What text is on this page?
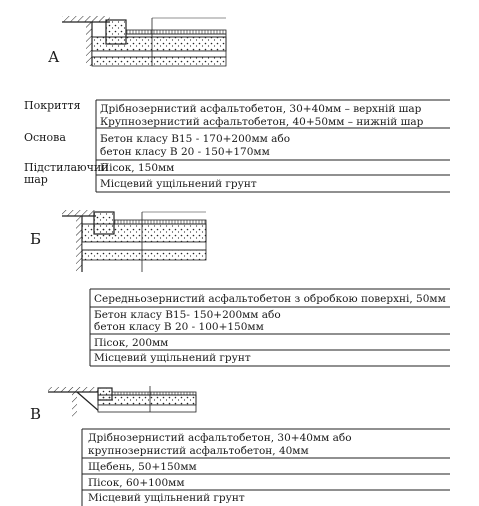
А
Покриття
Основа
Підстилаючий
шар
Дрібнозернистий асфальтобетон, 30+40мм – верхній шар
Крупнозернистий асфальтобетон, 40+50мм – нижній шар
Бетон класу В15 - 170+200мм або
бетон класу В 20 - 150+170мм
Пісок, 150мм
Місцевий ущільнений грунт
Б
Середньозернистий асфальтобетон з обробкою поверхні, 50мм
Бетон класу В15- 150+200мм або
бетон класу В 20 - 100+150мм
Пісок, 200мм
Місцевий ущільнений грунт
В
Дрібнозернистий асфальтобетон, 30+40мм або
крупнозернистий асфальтобетон, 40мм
Щебень, 50+150мм
Пісок, 60+100мм
Місцевий ущільнений грунт
